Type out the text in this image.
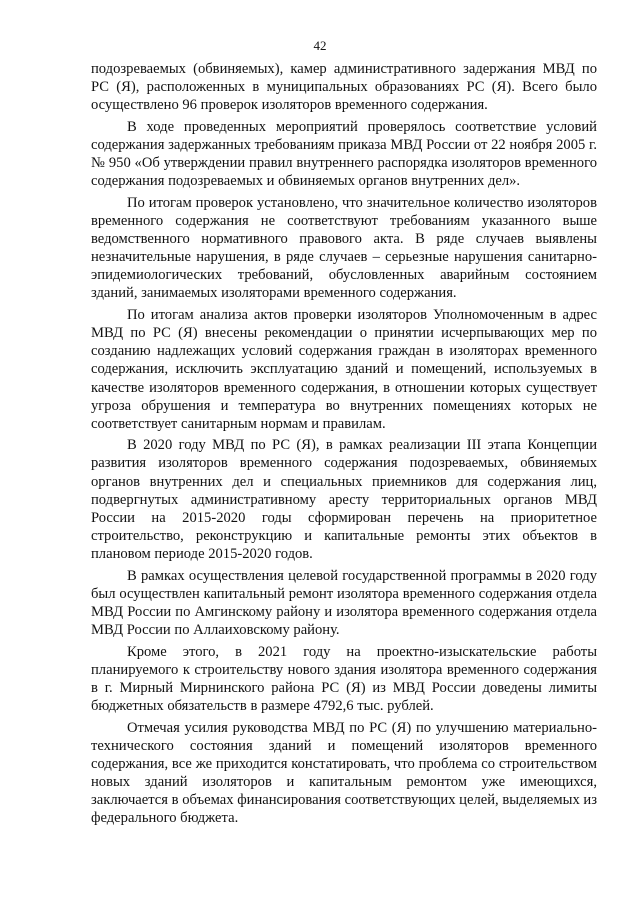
42

подозреваемых (обвиняемых), камер административного задержания МВД по РС (Я), расположенных в муниципальных образованиях РС (Я). Всего было осуществлено 96 проверок изоляторов временного содержания.

В ходе проведенных мероприятий проверялось соответствие условий содержания задержанных требованиям приказа МВД России от 22 ноября 2005 г. № 950 «Об утверждении правил внутреннего распорядка изоляторов временного содержания подозреваемых и обвиняемых органов внутренних дел».

По итогам проверок установлено, что значительное количество изоляторов временного содержания не соответствуют требованиям указанного выше ведомственного нормативного правового акта. В ряде случаев выявлены незначительные нарушения, в ряде случаев – серьезные нарушения санитарно-эпидемиологических требований, обусловленных аварийным состоянием зданий, занимаемых изоляторами временного содержания.

По итогам анализа актов проверки изоляторов Уполномоченным в адрес МВД по РС (Я) внесены рекомендации о принятии исчерпывающих мер по созданию надлежащих условий содержания граждан в изоляторах временного содержания, исключить эксплуатацию зданий и помещений, используемых в качестве изоляторов временного содержания, в отношении которых существует угроза обрушения и температура во внутренних помещениях которых не соответствует санитарным нормам и правилам.

В 2020 году МВД по РС (Я), в рамках реализации III этапа Концепции развития изоляторов временного содержания подозреваемых, обвиняемых органов внутренних дел и специальных приемников для содержания лиц, подвергнутых административному аресту территориальных органов МВД России на 2015-2020 годы сформирован перечень на приоритетное строительство, реконструкцию и капитальные ремонты этих объектов в плановом периоде 2015-2020 годов.

В рамках осуществления целевой государственной программы в 2020 году был осуществлен капитальный ремонт изолятора временного содержания отдела МВД России по Амгинскому району и изолятора временного содержания отдела МВД России по Аллаиховскому району.

Кроме этого, в 2021 году на проектно-изыскательские работы планируемого к строительству нового здания изолятора временного содержания в г. Мирный Мирнинского района РС (Я) из МВД России доведены лимиты бюджетных обязательств в размере 4792,6 тыс. рублей.

Отмечая усилия руководства МВД по РС (Я) по улучшению материально-технического состояния зданий и помещений изоляторов временного содержания, все же приходится констатировать, что проблема со строительством новых зданий изоляторов и капитальным ремонтом уже имеющихся, заключается в объемах финансирования соответствующих целей, выделяемых из федерального бюджета.
